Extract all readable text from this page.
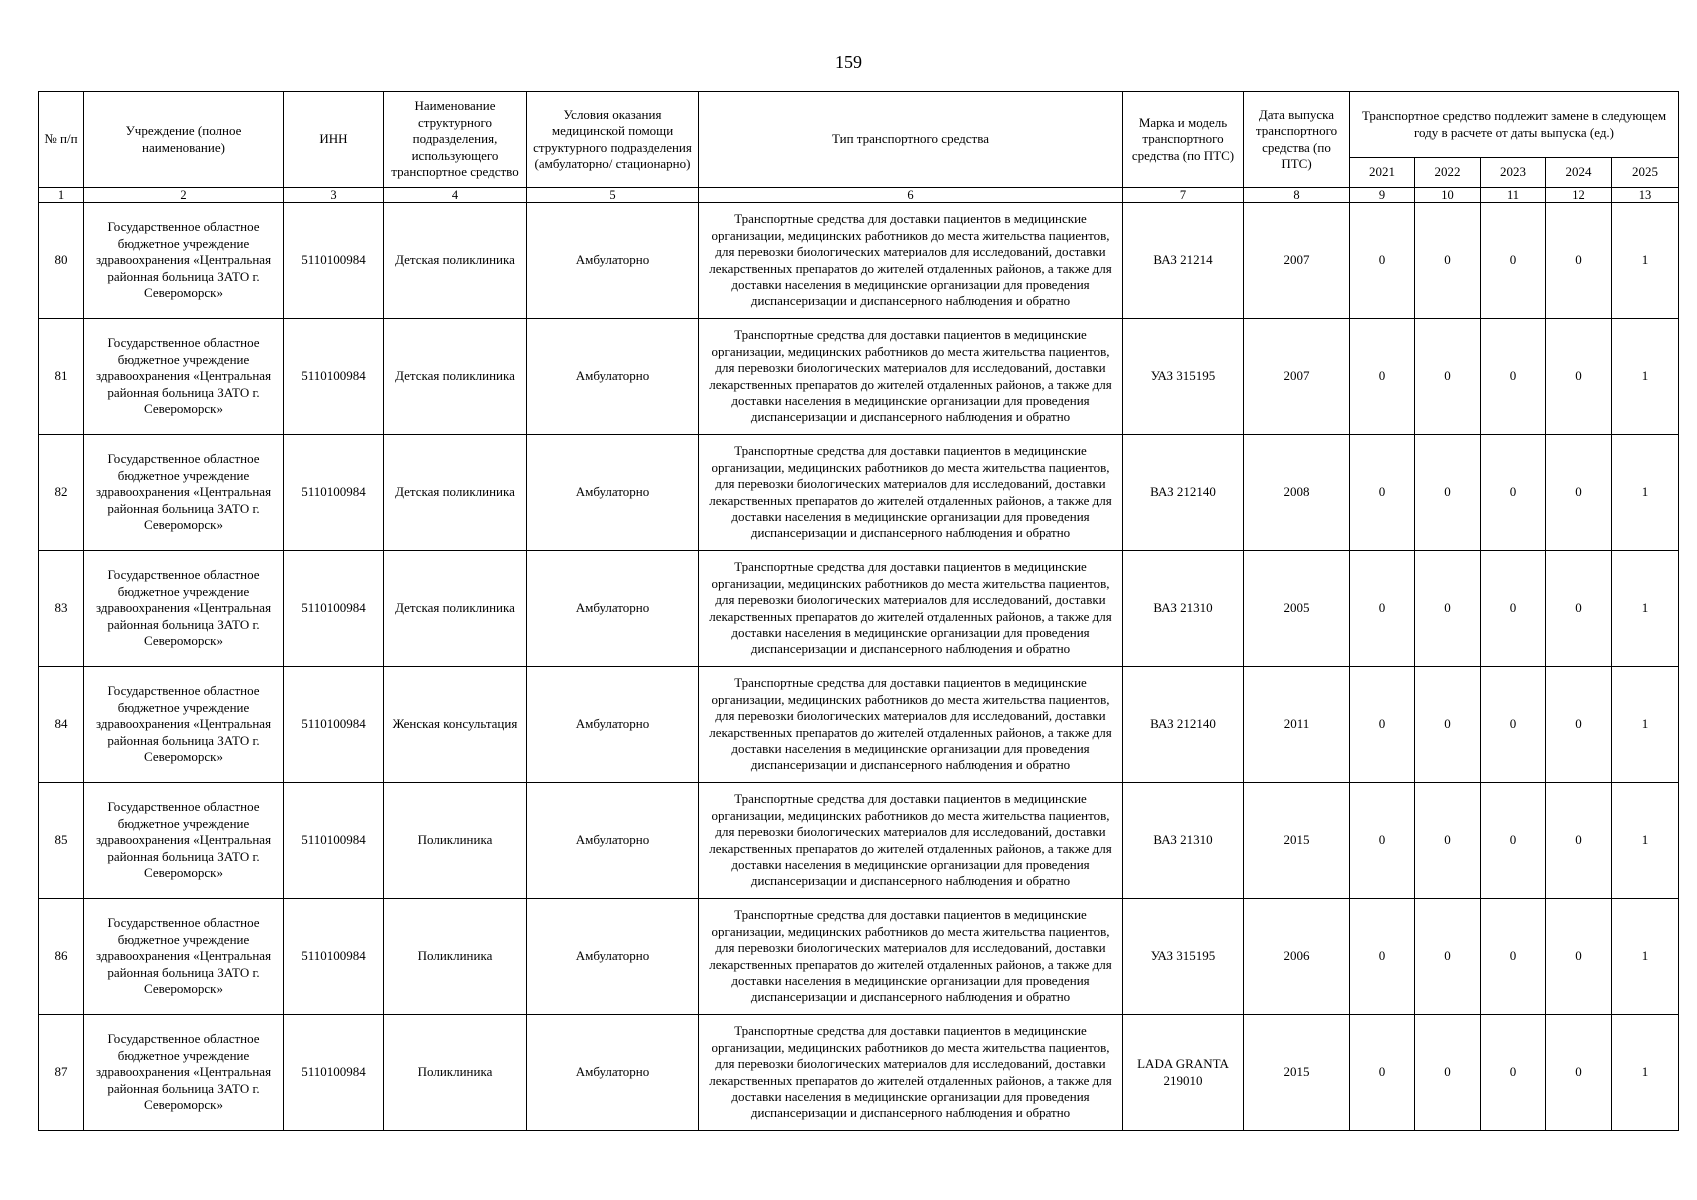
159
№ п/п	Учреждение (полное наименование)	ИНН	Наименование структурного подразделения, использующего транспортное средство	Условия оказания медицинской помощи структурного подразделения (амбулаторно/ стационарно)	Тип транспортного средства	Марка и модель транспортного средства (по ПТС)	Дата выпуска транспортного средства (по ПТС)	Транспортное средство подлежит замене в следующем году в расчете от даты выпуска (ед.)				
								2021	2022	2023	2024	2025
1	2	3	4	5	6	7	8	9	10	11	12	13
80	Государственное областное бюджетное учреждение здравоохранения «Центральная районная больница ЗАТО г. Североморск»	5110100984	Детская поликлиника	Амбулаторно	Транспортные средства для доставки пациентов в медицинские организации, медицинских работников до места жительства пациентов, для перевозки биологических материалов для исследований, доставки лекарственных препаратов до жителей отдаленных районов, а также для доставки населения в медицинские организации для проведения диспансеризации и диспансерного наблюдения и обратно	ВАЗ 21214	2007	0	0	0	0	1
81	Государственное областное бюджетное учреждение здравоохранения «Центральная районная больница ЗАТО г. Североморск»	5110100984	Детская поликлиника	Амбулаторно	Транспортные средства для доставки пациентов в медицинские организации, медицинских работников до места жительства пациентов, для перевозки биологических материалов для исследований, доставки лекарственных препаратов до жителей отдаленных районов, а также для доставки населения в медицинские организации для проведения диспансеризации и диспансерного наблюдения и обратно	УАЗ 315195	2007	0	0	0	0	1
82	Государственное областное бюджетное учреждение здравоохранения «Центральная районная больница ЗАТО г. Североморск»	5110100984	Детская поликлиника	Амбулаторно	Транспортные средства для доставки пациентов в медицинские организации, медицинских работников до места жительства пациентов, для перевозки биологических материалов для исследований, доставки лекарственных препаратов до жителей отдаленных районов, а также для доставки населения в медицинские организации для проведения диспансеризации и диспансерного наблюдения и обратно	ВАЗ 212140	2008	0	0	0	0	1
83	Государственное областное бюджетное учреждение здравоохранения «Центральная районная больница ЗАТО г. Североморск»	5110100984	Детская поликлиника	Амбулаторно	Транспортные средства для доставки пациентов в медицинские организации, медицинских работников до места жительства пациентов, для перевозки биологических материалов для исследований, доставки лекарственных препаратов до жителей отдаленных районов, а также для доставки населения в медицинские организации для проведения диспансеризации и диспансерного наблюдения и обратно	ВАЗ 21310	2005	0	0	0	0	1
84	Государственное областное бюджетное учреждение здравоохранения «Центральная районная больница ЗАТО г. Североморск»	5110100984	Женская консультация	Амбулаторно	Транспортные средства для доставки пациентов в медицинские организации, медицинских работников до места жительства пациентов, для перевозки биологических материалов для исследований, доставки лекарственных препаратов до жителей отдаленных районов, а также для доставки населения в медицинские организации для проведения диспансеризации и диспансерного наблюдения и обратно	ВАЗ 212140	2011	0	0	0	0	1
85	Государственное областное бюджетное учреждение здравоохранения «Центральная районная больница ЗАТО г. Североморск»	5110100984	Поликлиника	Амбулаторно	Транспортные средства для доставки пациентов в медицинские организации, медицинских работников до места жительства пациентов, для перевозки биологических материалов для исследований, доставки лекарственных препаратов до жителей отдаленных районов, а также для доставки населения в медицинские организации для проведения диспансеризации и диспансерного наблюдения и обратно	ВАЗ 21310	2015	0	0	0	0	1
86	Государственное областное бюджетное учреждение здравоохранения «Центральная районная больница ЗАТО г. Североморск»	5110100984	Поликлиника	Амбулаторно	Транспортные средства для доставки пациентов в медицинские организации, медицинских работников до места жительства пациентов, для перевозки биологических материалов для исследований, доставки лекарственных препаратов до жителей отдаленных районов, а также для доставки населения в медицинские организации для проведения диспансеризации и диспансерного наблюдения и обратно	УАЗ 315195	2006	0	0	0	0	1
87	Государственное областное бюджетное учреждение здравоохранения «Центральная районная больница ЗАТО г. Североморск»	5110100984	Поликлиника	Амбулаторно	Транспортные средства для доставки пациентов в медицинские организации, медицинских работников до места жительства пациентов, для перевозки биологических материалов для исследований, доставки лекарственных препаратов до жителей отдаленных районов, а также для доставки населения в медицинские организации для проведения диспансеризации и диспансерного наблюдения и обратно	LADA GRANTA 219010	2015	0	0	0	0	1
